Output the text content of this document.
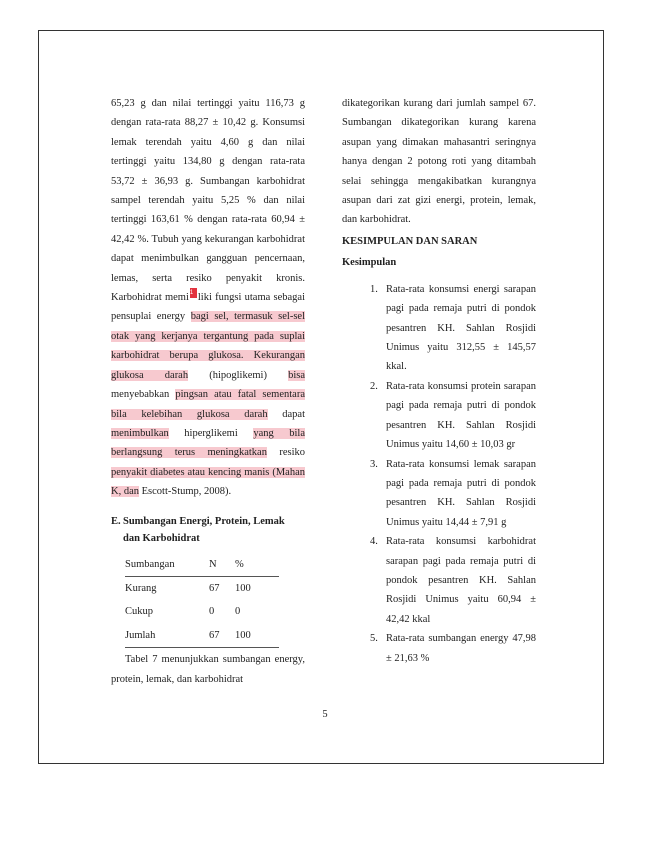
65,23 g dan nilai tertinggi yaitu 116,73 g dengan rata-rata 88,27 ± 10,42 g. Konsumsi lemak terendah yaitu 4,60 g dan nilai tertinggi yaitu 134,80 g dengan rata-rata 53,72 ± 36,93 g. Sumbangan karbohidrat sampel terendah yaitu 5,25 % dan nilai tertinggi 163,61 % dengan rata-rata 60,94 ± 42,42 %. Tubuh yang kekurangan karbohidrat dapat menimbulkan gangguan pencernaan, lemas, serta resiko penyakit kronis. Karbohidrat memi1 liki fungsi utama sebagai pensuplai energy bagi sel, termasuk sel-sel otak yang kerjanya tergantung pada suplai karbohidrat berupa glukosa. Kekurangan glukosa darah (hipoglikemi) bisa menyebabkan pingsan atau fatal sementara bila kelebihan glukosa darah dapat menimbulkan hiperglikemi yang bila berlangsung terus meningkatkan resiko penyakit diabetes atau kencing manis (Mahan K, dan Escott-Stump, 2008).

E. Sumbangan Energi, Protein, Lemak
dan Karbohidrat
Sumbangan	N	%
Kurang	67	100
Cukup	0	0
Jumlah	67	100

Tabel 7 menunjukkan sumbangan energy, protein, lemak, dan karbohidrat

dikategorikan kurang dari jumlah sampel 67. Sumbangan dikategorikan kurang karena asupan yang dimakan mahasantri seringnya hanya dengan 2 potong roti yang ditambah selai sehingga mengakibatkan kurangnya asupan dari zat gizi energi, protein, lemak, dan karbohidrat.

KESIMPULAN DAN SARAN
Kesimpulan
1. Rata-rata konsumsi energi sarapan pagi pada remaja putri di pondok pesantren KH. Sahlan Rosjidi Unimus yaitu 312,55 ± 145,57 kkal.
2. Rata-rata konsumsi protein sarapan pagi pada remaja putri di pondok pesantren KH. Sahlan Rosjidi Unimus yaitu 14,60 ± 10,03 gr
3. Rata-rata konsumsi lemak sarapan pagi pada remaja putri di pondok pesantren KH. Sahlan Rosjidi Unimus yaitu 14,44 ± 7,91 g
4. Rata-rata konsumsi karbohidrat sarapan pagi pada remaja putri di pondok pesantren KH. Sahlan Rosjidi Unimus yaitu 60,94 ± 42,42 kkal
5. Rata-rata sumbangan energy 47,98 ± 21,63 %
5
